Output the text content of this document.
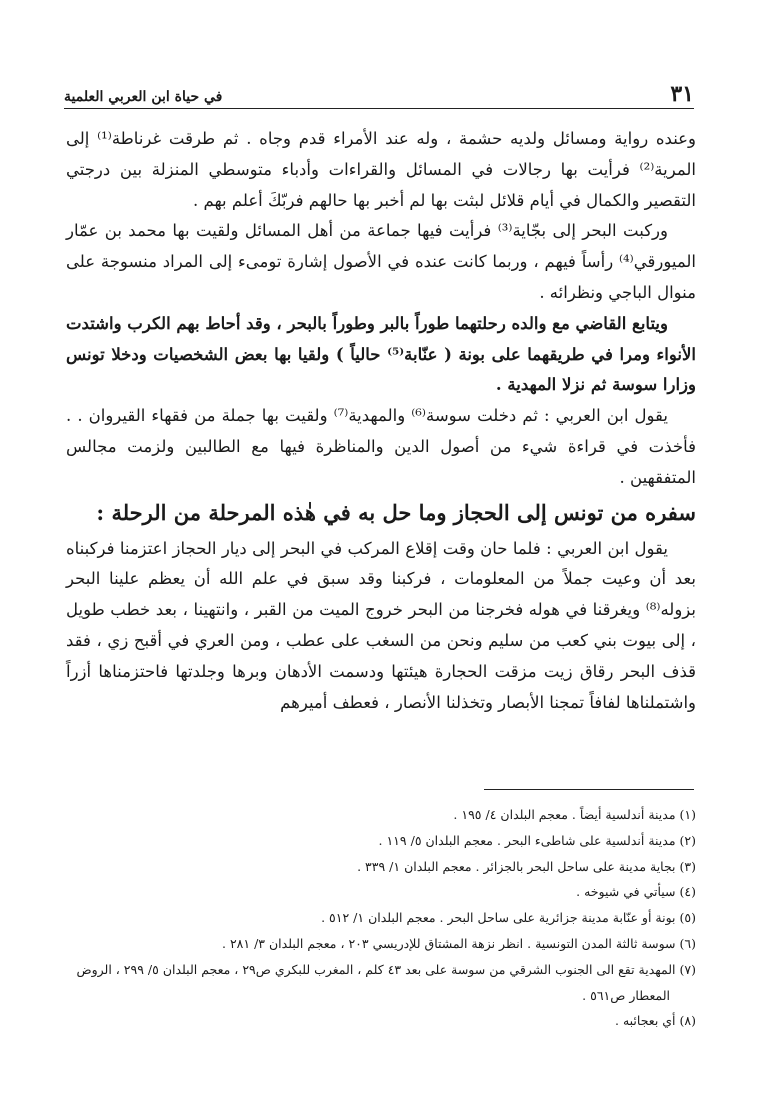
٣١
في حياة ابن العربي العلمية

وعنده رواية ومسائل ولديه حشمة ، وله عند الأمراء قدم وجاه . ثم طرقت غرناطة⁽¹⁾ إلى المرية⁽²⁾ فرأيت بها رجالات في المسائل والقراءات وأدباء متوسطي المنزلة بين درجتي التقصير والكمال في أيام قلائل لبثت بها لم أخبر بها حالهم فربّكَ أعلم بهم .

وركبت البحر إلى بجّاية⁽³⁾ فرأيت فيها جماعة من أهل المسائل ولقيت بها محمد بن عمّار الميورقي⁽⁴⁾ رأساً فيهم ، وربما كانت عنده في الأصول إشارة تومىء إلى المراد منسوجة على منوال الباجي ونظرائه .

ويتابع القاضي مع والده رحلتهما طوراً بالبر وطوراً بالبحر ، وقد أحاط بهم الكرب واشتدت الأنواء ومرا في طريقهما على بونة ( عنّابة⁽⁵⁾ حالياً ) ولقيا بها بعض الشخصيات ودخلا تونس وزارا سوسة ثم نزلا المهدية .

يقول ابن العربي : ثم دخلت سوسة⁽⁶⁾ والمهدية⁽⁷⁾ ولقيت بها جملة من فقهاء القيروان . . فأخذت في قراءة شيء من أصول الدين والمناظرة فيها مع الطالبين ولزمت مجالس المتفقهين .

سفره من تونس إلى الحجاز وما حل به في هٰذه المرحلة من الرحلة :

يقول ابن العربي : فلما حان وقت إقلاع المركب في البحر إلى ديار الحجاز اعتزمنا فركبناه بعد أن وعيت جملاً من المعلومات ، فركبنا وقد سبق في علم الله أن يعظم علينا البحر بزوله⁽⁸⁾ ويغرقنا في هوله فخرجنا من البحر خروج الميت من القبر ، وانتهينا ، بعد خطب طويل ، إلى بيوت بني كعب من سليم ونحن من السغب على عطب ، ومن العري في أقبح زي ، فقد قذف البحر رقاق زيت مزقت الحجارة هيئتها ودسمت الأدهان وبرها وجلدتها فاحتزمناها أزراً واشتملناها لفافاً تمجنا الأبصار وتخذلنا الأنصار ، فعطف أميرهم

(١) مدينة أندلسية أيضاً . معجم البلدان ٤/ ١٩٥ .

(٢) مدينة أندلسية على شاطىء البحر . معجم البلدان ٥/ ١١٩ .

(٣) بجاية مدينة على ساحل البحر بالجزائر . معجم البلدان ١/ ٣٣٩ .

(٤) سيأتي في شيوخه .

(٥) بونة أو عنّابة مدينة جزائرية على ساحل البحر . معجم البلدان ١/ ٥١٢ .

(٦) سوسة ثالثة المدن التونسية . انظر نزهة المشتاق للإدريسي ٢٠٣ ، معجم البلدان ٣/ ٢٨١ .

(٧) المهدية تقع الى الجنوب الشرقي من سوسة على بعد ٤٣ كلم ، المغرب للبكري ص٢٩ ، معجم البلدان ٥/ ٢٩٩ ، الروض المعطار ص٥٦١ .

(٨) أي بعجائبه .
